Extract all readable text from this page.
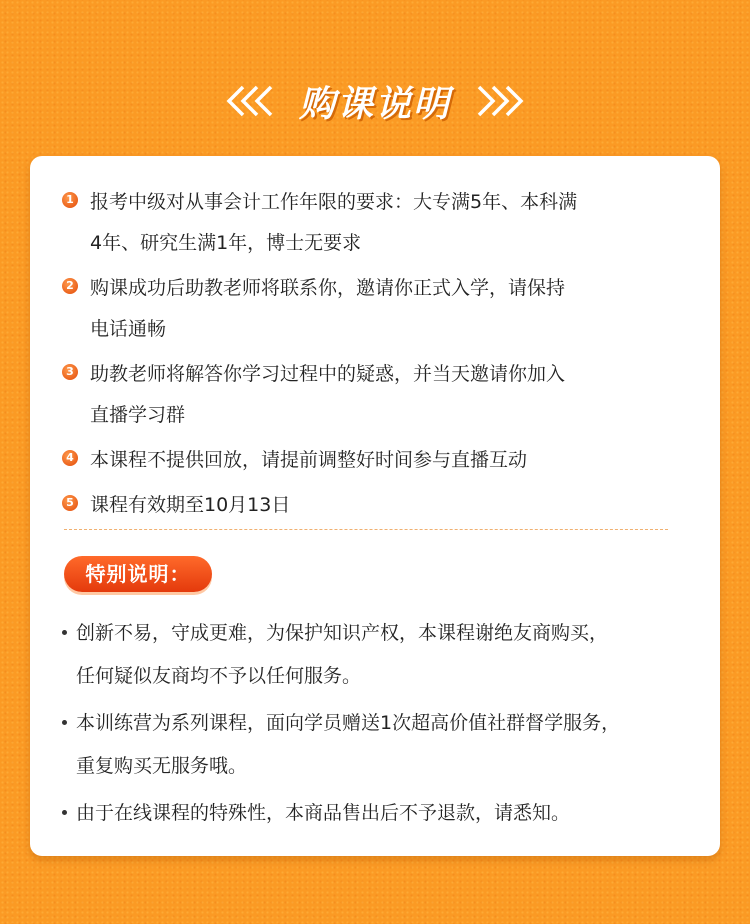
购课说明
1 报考中级对从事会计工作年限的要求：大专满5年、本科满
4年、研究生满1年，博士无要求
2 购课成功后助教老师将联系你，邀请你正式入学，请保持
电话通畅
3 助教老师将解答你学习过程中的疑惑，并当天邀请你加入
直播学习群
4 本课程不提供回放，请提前调整好时间参与直播互动
5 课程有效期至10月13日
特别说明：
创新不易，守成更难，为保护知识产权，本课程谢绝友商购买，
任何疑似友商均不予以任何服务。
本训练营为系列课程，面向学员赠送1次超高价值社群督学服务，
重复购买无服务哦。
由于在线课程的特殊性，本商品售出后不予退款，请悉知。
